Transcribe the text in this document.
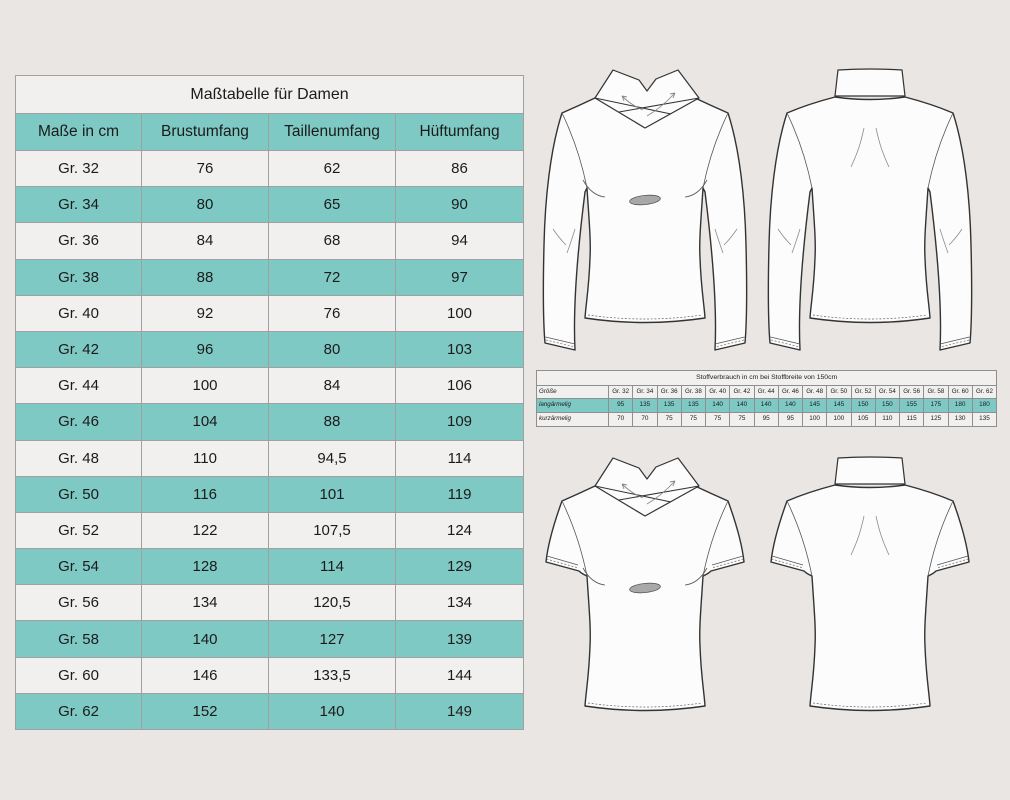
Maßtabelle für Damen			
Maße in cm	Brustumfang	Taillenumfang	Hüftumfang
Gr. 32	76	62	86
Gr. 34	80	65	90
Gr. 36	84	68	94
Gr. 38	88	72	97
Gr. 40	92	76	100
Gr. 42	96	80	103
Gr. 44	100	84	106
Gr. 46	104	88	109
Gr. 48	110	94,5	114
Gr. 50	116	101	119
Gr. 52	122	107,5	124
Gr. 54	128	114	129
Gr. 56	134	120,5	134
Gr. 58	140	127	139
Gr. 60	146	133,5	144
Gr. 62	152	140	149
Stoffverbrauch in cm bei Stoffbreite von 150cm																
Größe	Gr. 32	Gr. 34	Gr. 36	Gr. 38	Gr. 40	Gr. 42	Gr. 44	Gr. 46	Gr. 48	Gr. 50	Gr. 52	Gr. 54	Gr. 56	Gr. 58	Gr. 60	Gr. 62
langärmelig	95	135	135	135	140	140	140	140	145	145	150	150	155	175	180	180
kurzärmelig	70	70	75	75	75	75	95	95	100	100	105	110	115	125	130	135
